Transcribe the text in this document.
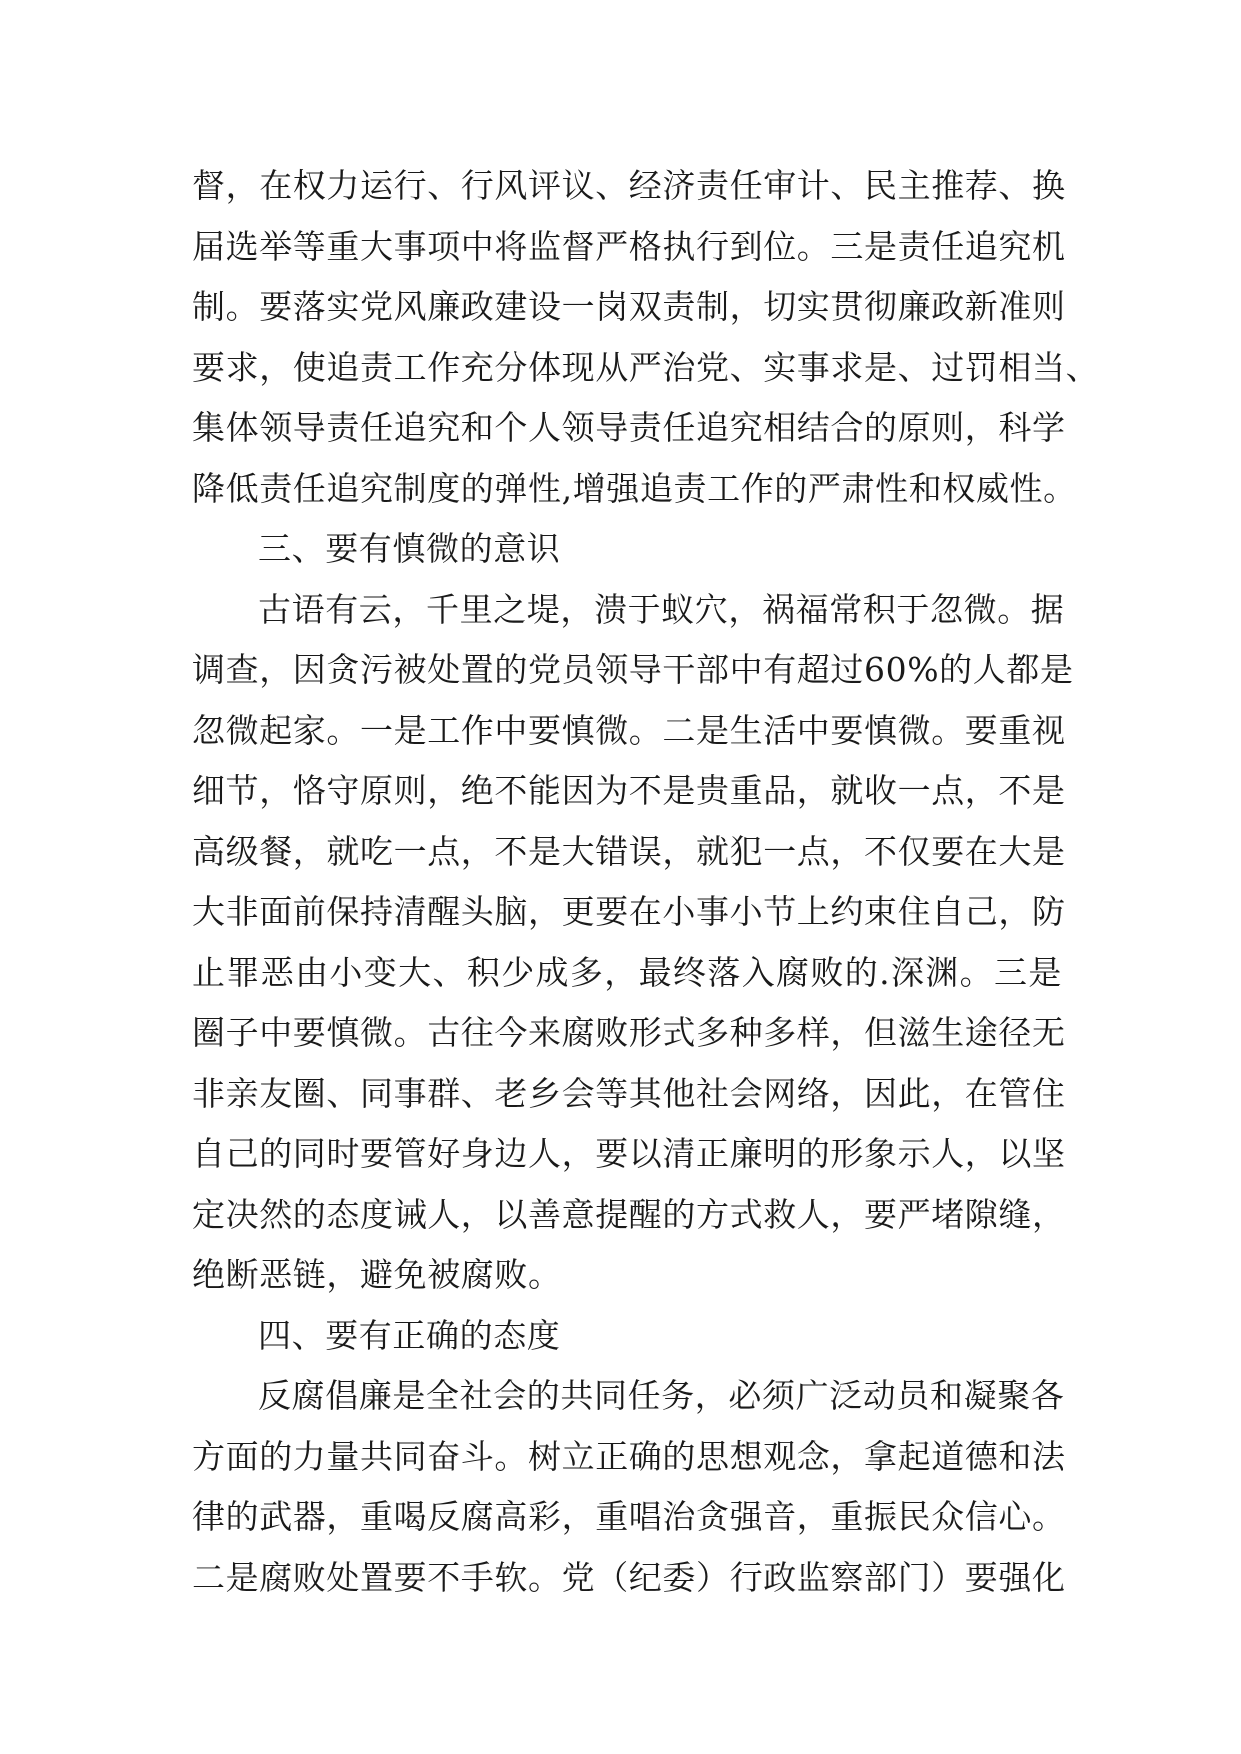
督，在权力运行、行风评议、经济责任审计、民主推荐、换
届选举等重大事项中将监督严格执行到位。三是责任追究机
制。要落实党风廉政建设一岗双责制，切实贯彻廉政新准则
要求，使追责工作充分体现从严治党、实事求是、过罚相当、
集体领导责任追究和个人领导责任追究相结合的原则，科学
降低责任追究制度的弹性,增强追责工作的严肃性和权威性。
三、要有慎微的意识
古语有云，千里之堤，溃于蚁穴，祸福常积于忽微。据
调查，因贪污被处置的党员领导干部中有超过60%的人都是
忽微起家。一是工作中要慎微。二是生活中要慎微。要重视
细节，恪守原则，绝不能因为不是贵重品，就收一点，不是
高级餐，就吃一点，不是大错误，就犯一点，不仅要在大是
大非面前保持清醒头脑，更要在小事小节上约束住自己，防
止罪恶由小变大、积少成多，最终落入腐败的.深渊。三是
圈子中要慎微。古往今来腐败形式多种多样，但滋生途径无
非亲友圈、同事群、老乡会等其他社会网络，因此，在管住
自己的同时要管好身边人，要以清正廉明的形象示人，以坚
定决然的态度诫人，以善意提醒的方式救人，要严堵隙缝，
绝断恶链，避免被腐败。
四、要有正确的态度
反腐倡廉是全社会的共同任务，必须广泛动员和凝聚各
方面的力量共同奋斗。树立正确的思想观念，拿起道德和法
律的武器，重喝反腐高彩，重唱治贪强音，重振民众信心。
二是腐败处置要不手软。党（纪委）行政监察部门）要强化
